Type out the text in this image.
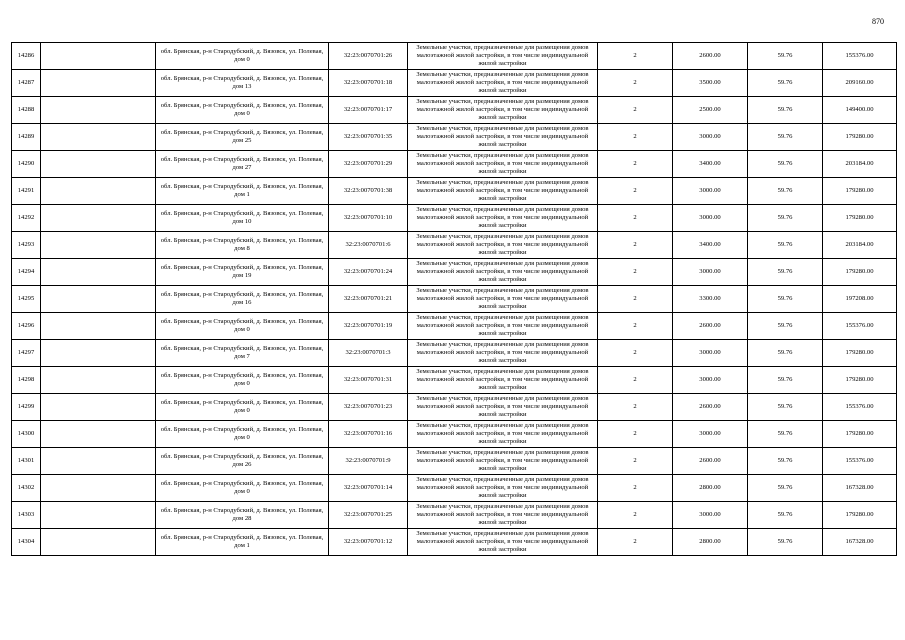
870
14286		обл. Брянская, р-н Стародубский, д. Вязовск, ул. Полевая, дом 0	32:23:0070701:26	Земельные участки, предназначенные для размещения домов малоэтажной жилой застройки, в том числе индивидуальной жилой застройки	2	2600.00	59.76	155376.00
14287		обл. Брянская, р-н Стародубский, д. Вязовск, ул. Полевая, дом 13	32:23:0070701:18	Земельные участки, предназначенные для размещения домов малоэтажной жилой застройки, в том числе индивидуальной жилой застройки	2	3500.00	59.76	209160.00
14288		обл. Брянская, р-н Стародубский, д. Вязовск, ул. Полевая, дом 0	32:23:0070701:17	Земельные участки, предназначенные для размещения домов малоэтажной жилой застройки, в том числе индивидуальной жилой застройки	2	2500.00	59.76	149400.00
14289		обл. Брянская, р-н Стародубский, д. Вязовск, ул. Полевая, дом 25	32:23:0070701:35	Земельные участки, предназначенные для размещения домов малоэтажной жилой застройки, в том числе индивидуальной жилой застройки	2	3000.00	59.76	179280.00
14290		обл. Брянская, р-н Стародубский, д. Вязовск, ул. Полевая, дом 27	32:23:0070701:29	Земельные участки, предназначенные для размещения домов малоэтажной жилой застройки, в том числе индивидуальной жилой застройки	2	3400.00	59.76	203184.00
14291		обл. Брянская, р-н Стародубский, д. Вязовск, ул. Полевая, дом 1	32:23:0070701:38	Земельные участки, предназначенные для размещения домов малоэтажной жилой застройки, в том числе индивидуальной жилой застройки	2	3000.00	59.76	179280.00
14292		обл. Брянская, р-н Стародубский, д. Вязовск, ул. Полевая, дом 10	32:23:0070701:10	Земельные участки, предназначенные для размещения домов малоэтажной жилой застройки, в том числе индивидуальной жилой застройки	2	3000.00	59.76	179280.00
14293		обл. Брянская, р-н Стародубский, д. Вязовск, ул. Полевая, дом 8	32:23:0070701:6	Земельные участки, предназначенные для размещения домов малоэтажной жилой застройки, в том числе индивидуальной жилой застройки	2	3400.00	59.76	203184.00
14294		обл. Брянская, р-н Стародубский, д. Вязовск, ул. Полевая, дом 19	32:23:0070701:24	Земельные участки, предназначенные для размещения домов малоэтажной жилой застройки, в том числе индивидуальной жилой застройки	2	3000.00	59.76	179280.00
14295		обл. Брянская, р-н Стародубский, д. Вязовск, ул. Полевая, дом 16	32:23:0070701:21	Земельные участки, предназначенные для размещения домов малоэтажной жилой застройки, в том числе индивидуальной жилой застройки	2	3300.00	59.76	197208.00
14296		обл. Брянская, р-н Стародубский, д. Вязовск, ул. Полевая, дом 0	32:23:0070701:19	Земельные участки, предназначенные для размещения домов малоэтажной жилой застройки, в том числе индивидуальной жилой застройки	2	2600.00	59.76	155376.00
14297		обл. Брянская, р-н Стародубский, д. Вязовск, ул. Полевая, дом 7	32:23:0070701:3	Земельные участки, предназначенные для размещения домов малоэтажной жилой застройки, в том числе индивидуальной жилой застройки	2	3000.00	59.76	179280.00
14298		обл. Брянская, р-н Стародубский, д. Вязовск, ул. Полевая, дом 0	32:23:0070701:31	Земельные участки, предназначенные для размещения домов малоэтажной жилой застройки, в том числе индивидуальной жилой застройки	2	3000.00	59.76	179280.00
14299		обл. Брянская, р-н Стародубский, д. Вязовск, ул. Полевая, дом 0	32:23:0070701:23	Земельные участки, предназначенные для размещения домов малоэтажной жилой застройки, в том числе индивидуальной жилой застройки	2	2600.00	59.76	155376.00
14300		обл. Брянская, р-н Стародубский, д. Вязовск, ул. Полевая, дом 0	32:23:0070701:16	Земельные участки, предназначенные для размещения домов малоэтажной жилой застройки, в том числе индивидуальной жилой застройки	2	3000.00	59.76	179280.00
14301		обл. Брянская, р-н Стародубский, д. Вязовск, ул. Полевая, дом 26	32:23:0070701:9	Земельные участки, предназначенные для размещения домов малоэтажной жилой застройки, в том числе индивидуальной жилой застройки	2	2600.00	59.76	155376.00
14302		обл. Брянская, р-н Стародубский, д. Вязовск, ул. Полевая, дом 0	32:23:0070701:14	Земельные участки, предназначенные для размещения домов малоэтажной жилой застройки, в том числе индивидуальной жилой застройки	2	2800.00	59.76	167328.00
14303		обл. Брянская, р-н Стародубский, д. Вязовск, ул. Полевая, дом 28	32:23:0070701:25	Земельные участки, предназначенные для размещения домов малоэтажной жилой застройки, в том числе индивидуальной жилой застройки	2	3000.00	59.76	179280.00
14304		обл. Брянская, р-н Стародубский, д. Вязовск, ул. Полевая, дом 1	32:23:0070701:12	Земельные участки, предназначенные для размещения домов малоэтажной жилой застройки, в том числе индивидуальной жилой застройки	2	2800.00	59.76	167328.00
